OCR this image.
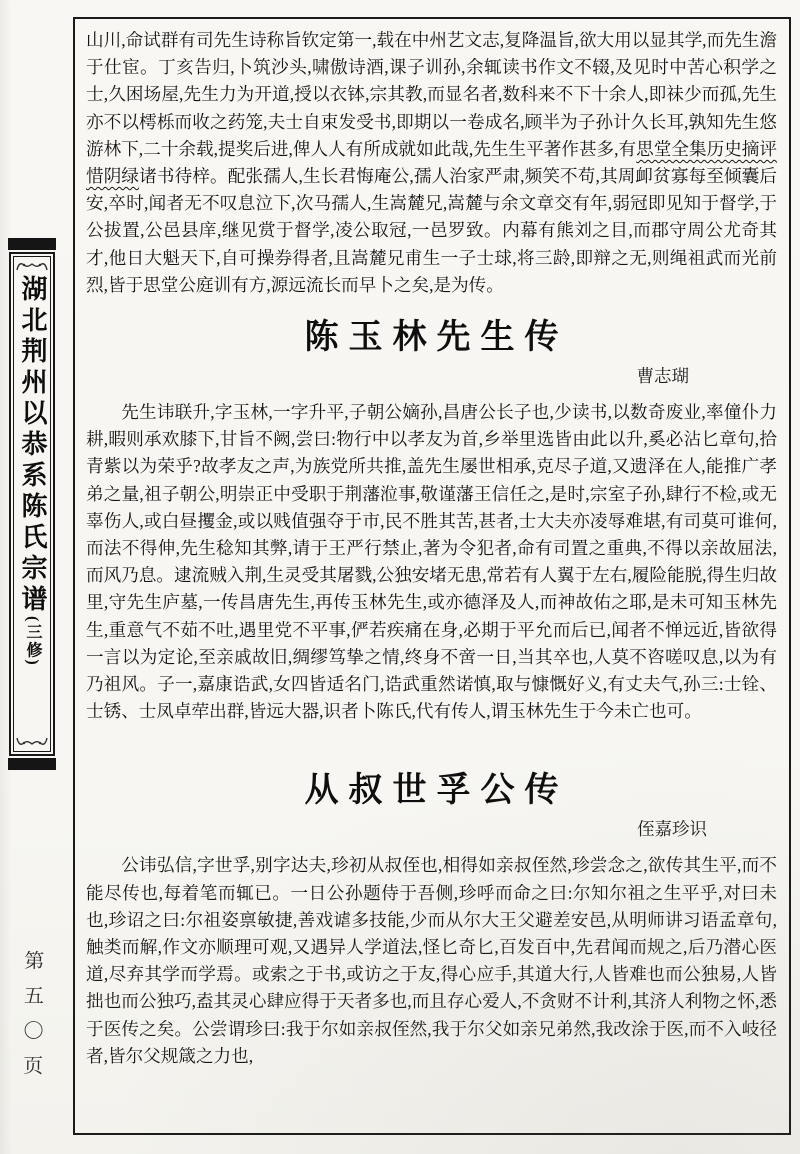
湖北荆州以恭系陈氏宗谱(三修)
第五〇页

山川,命试群有司先生诗称旨钦定第一,载在中州艺文志,复降温旨,欲大用以显其学,而先生澹于仕宦。丁亥告归,卜筑沙头,啸傲诗酒,课子训孙,余辄读书作文不辍,及见时中苦心积学之士,久困场屋,先生力为开道,授以衣钵,宗其教,而显名者,数科来不下十余人,即祙少而孤,先生亦不以樗栎而收之药笼,夫士自束发受书,即期以一卷成名,顾半为子孙计久长耳,孰知先生悠游林下,二十余载,提奖后进,俾人人有所成就如此哉,先生生平著作甚多,有思堂全集历史摘评惜阴绿诸书待梓。配张孺人,生长君悔庵公,孺人治家严肃,频笑不苟,其周卹贫寡每至倾囊后安,卒时,闻者无不叹息泣下,次马孺人,生嵩麓兄,嵩麓与余文章交有年,弱冠即见知于督学,于公拔置,公邑县庠,继见赏于督学,凌公取冠,一邑罗致。内幕有熊刘之目,而郡守周公尤奇其才,他日大魁天下,自可操券得者,且嵩麓兄甫生一子士球,将三龄,即辩之无,则绳祖武而光前烈,皆于思堂公庭训有方,源远流长而早卜之矣,是为传。

陈玉林先生传
曹志瑚

先生讳联升,字玉林,一字升平,子朝公嫡孙,昌唐公长子也,少读书,以数奇废业,率僮仆力耕,暇则承欢膝下,甘旨不阙,尝曰:物行中以孝友为首,乡举里选皆由此以升,奚必沾匕章句,拾青紫以为荣乎?故孝友之声,为族党所共推,盖先生屡世相承,克尽子道,又遗泽在人,能推广孝弟之量,祖子朝公,明崇正中受职于荆藩涖事,敬谨藩王信任之,是时,宗室子孙,肆行不检,或无辜伤人,或白昼攫金,或以贱值强夺于市,民不胜其苦,甚者,士大夫亦凌辱难堪,有司莫可谁何,而法不得伸,先生稔知其弊,请于王严行禁止,著为令犯者,命有司置之重典,不得以亲故屈法,而风乃息。逮流贼入荆,生灵受其屠戮,公独安堵无患,常若有人翼于左右,履险能脱,得生归故里,守先生庐墓,一传昌唐先生,再传玉林先生,或亦德泽及人,而神故佑之耶,是未可知玉林先生,重意气不茹不吐,遇里党不平事,俨若疾痛在身,必期于平允而后已,闻者不惮远近,皆欲得一言以为定论,至亲戚故旧,绸缪笃挚之情,终身不啻一日,当其卒也,人莫不咨嗟叹息,以为有乃祖风。子一,嘉康诰武,女四皆适名门,诰武重然诺慎,取与慷慨好义,有丈夫气,孙三:士铨、士锈、士凤卓荦出群,皆远大器,识者卜陈氏,代有传人,谓玉林先生于今未亡也可。

从叔世孚公传
侄嘉珍识

公讳弘信,字世孚,别字达夫,珍初从叔侄也,相得如亲叔侄然,珍尝念之,欲传其生平,而不能尽传也,每着笔而辄已。一日公孙题侍于吾侧,珍呼而命之曰:尔知尔祖之生平乎,对曰未也,珍诏之曰:尔祖姿禀敏捷,善戏谑多技能,少而从尔大王父避差安邑,从明师讲习语孟章句,触类而解,作文亦顺理可观,又遇异人学道法,怪匕奇匕,百发百中,先君闻而规之,后乃潜心医道,尽弃其学而学焉。或索之于书,或访之于友,得心应手,其道大行,人皆难也而公独易,人皆拙也而公独巧,盍其灵心肆应得于天者多也,而且存心爱人,不贪财不计利,其济人利物之怀,悉于医传之矣。公尝谓珍曰:我于尔如亲叔侄然,我于尔父如亲兄弟然,我改涂于医,而不入岐径者,皆尔父规箴之力也,
